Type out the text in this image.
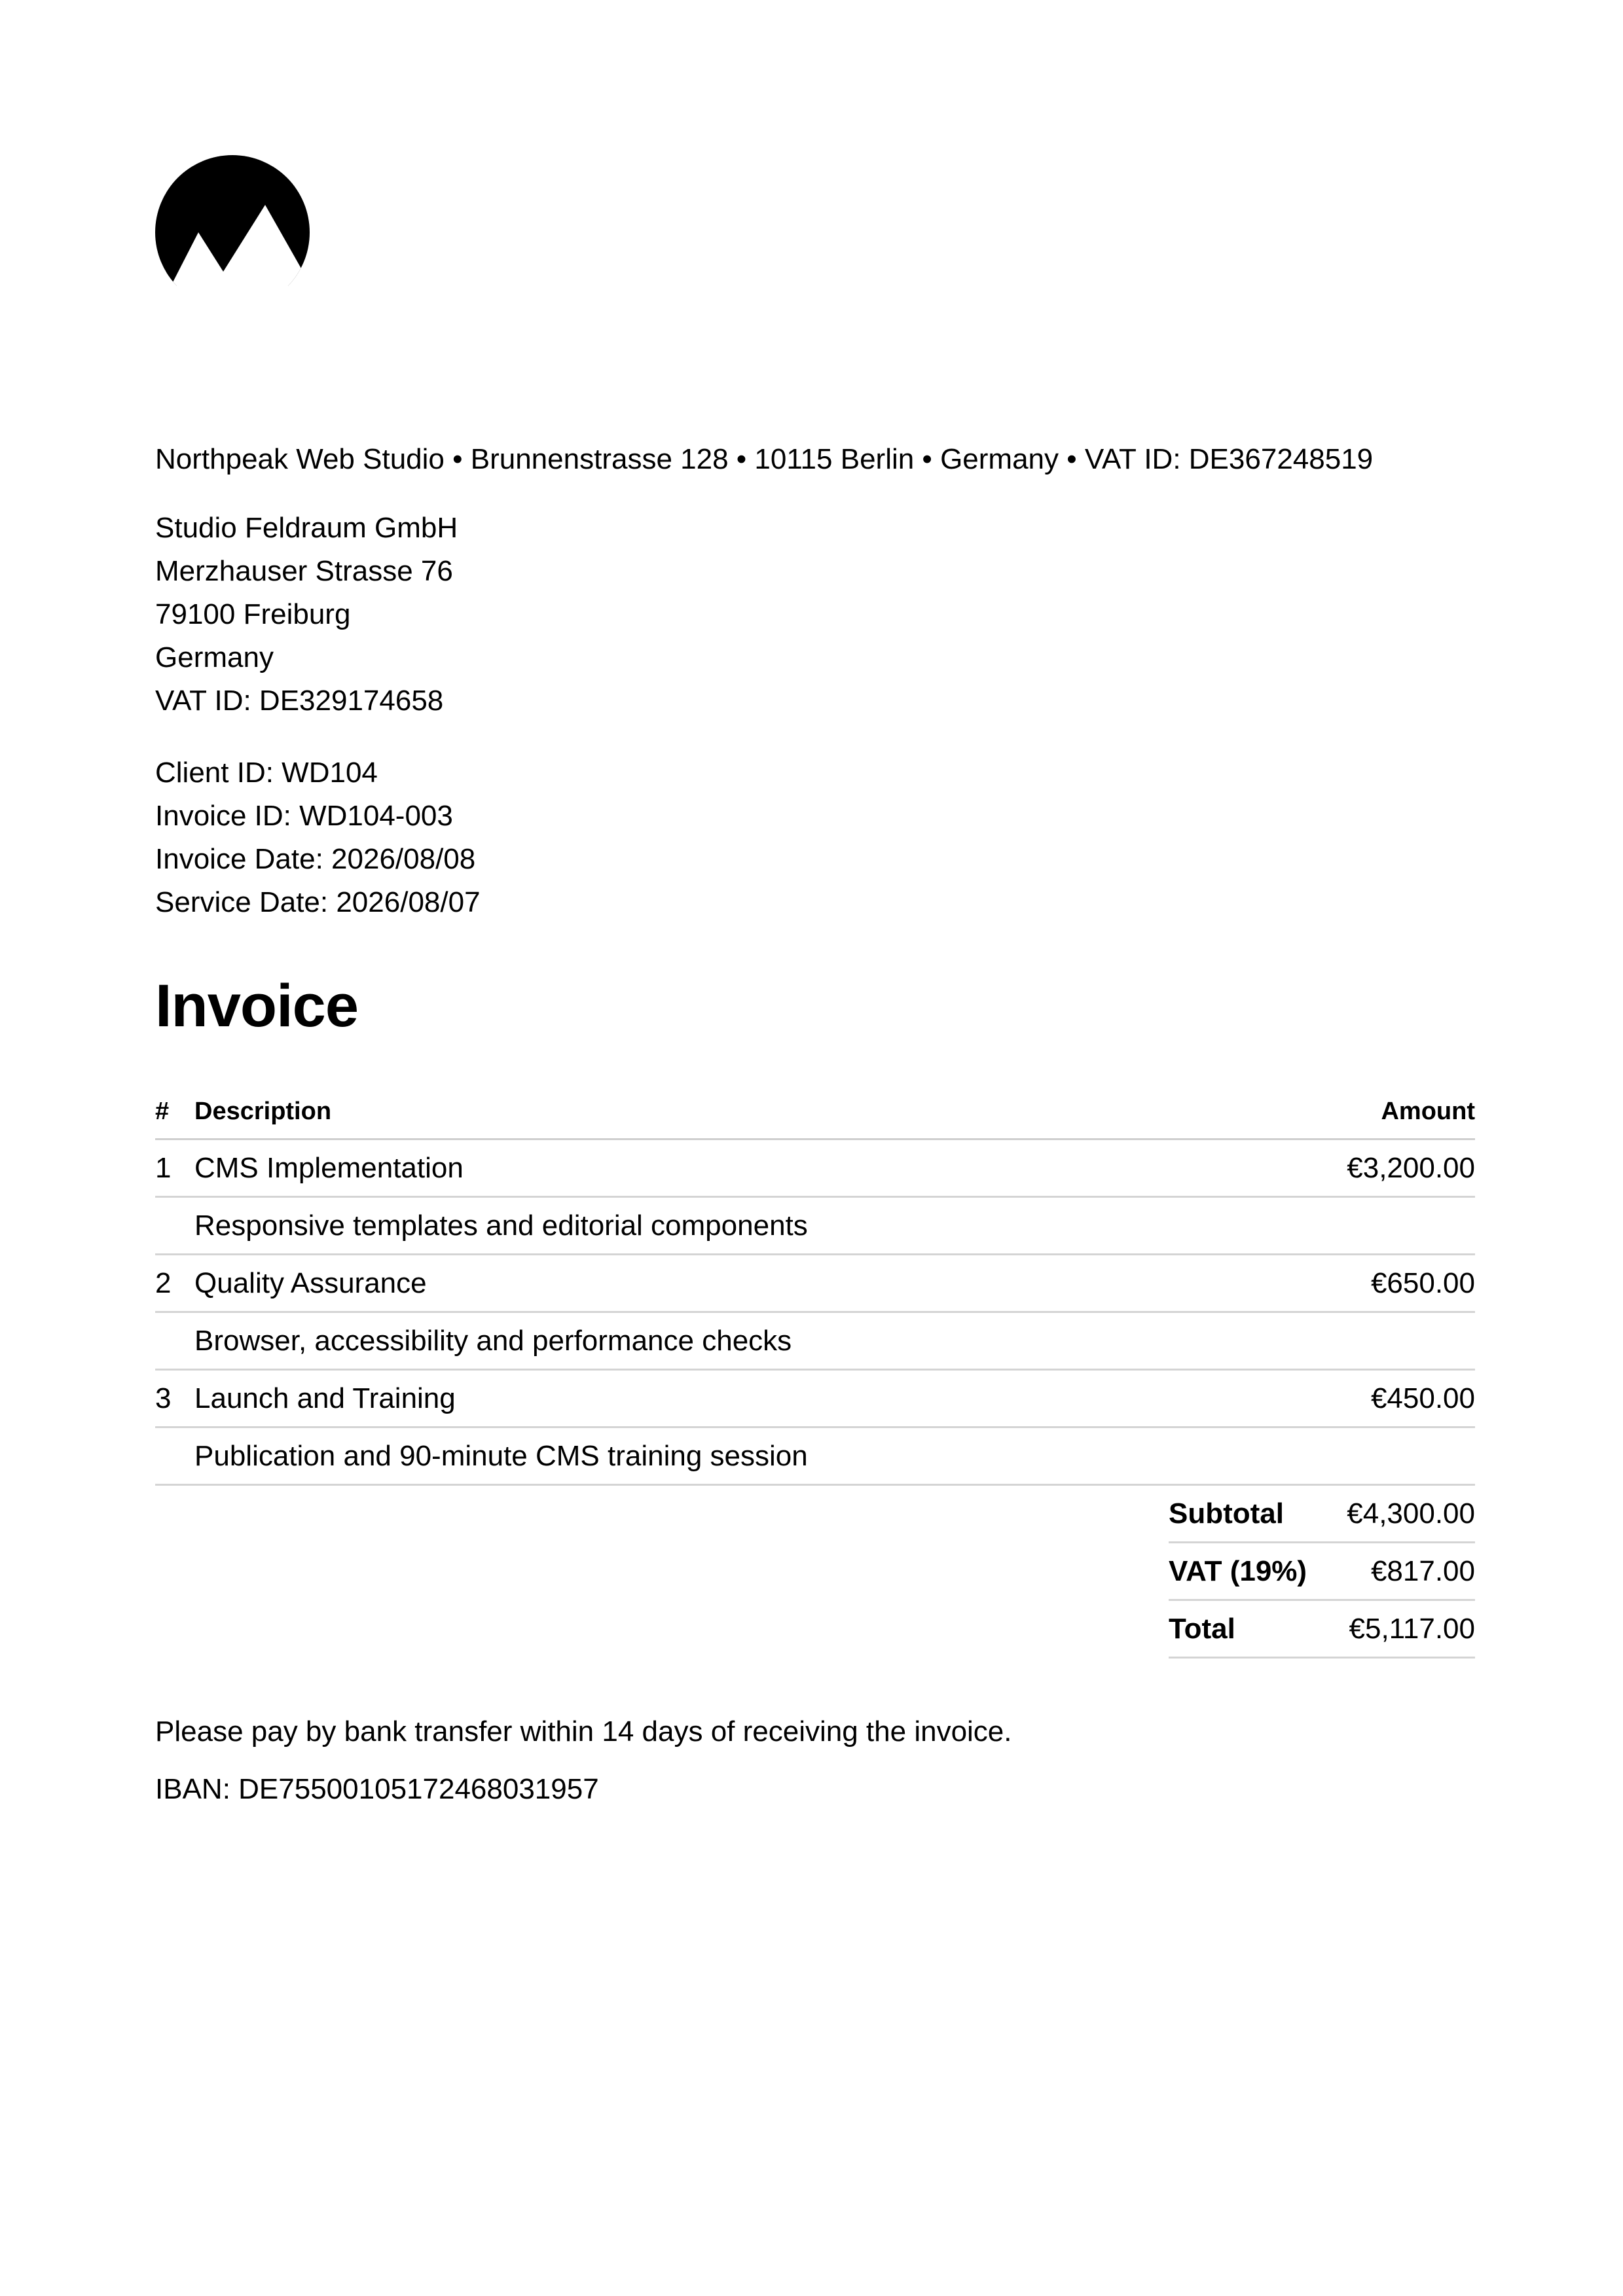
Northpeak Web Studio • Brunnenstrasse 128 • 10115 Berlin • Germany • VAT ID: DE367248519
Studio Feldraum GmbH
Merzhauser Strasse 76
79100 Freiburg
Germany
VAT ID: DE329174658
Client ID: WD104
Invoice ID: WD104-003
Invoice Date: 2026/08/08
Service Date: 2026/08/07
Invoice
#	Description	Amount
1 CMS Implementation	€3,200.00
Responsive templates and editorial components
2 Quality Assurance	€650.00
Browser, accessibility and performance checks
3 Launch and Training	€450.00
Publication and 90-minute CMS training session
Subtotal	€4,300.00
VAT (19%)	€817.00
Total	€5,117.00
Please pay by bank transfer within 14 days of receiving the invoice.
IBAN: DE75500105172468031957
